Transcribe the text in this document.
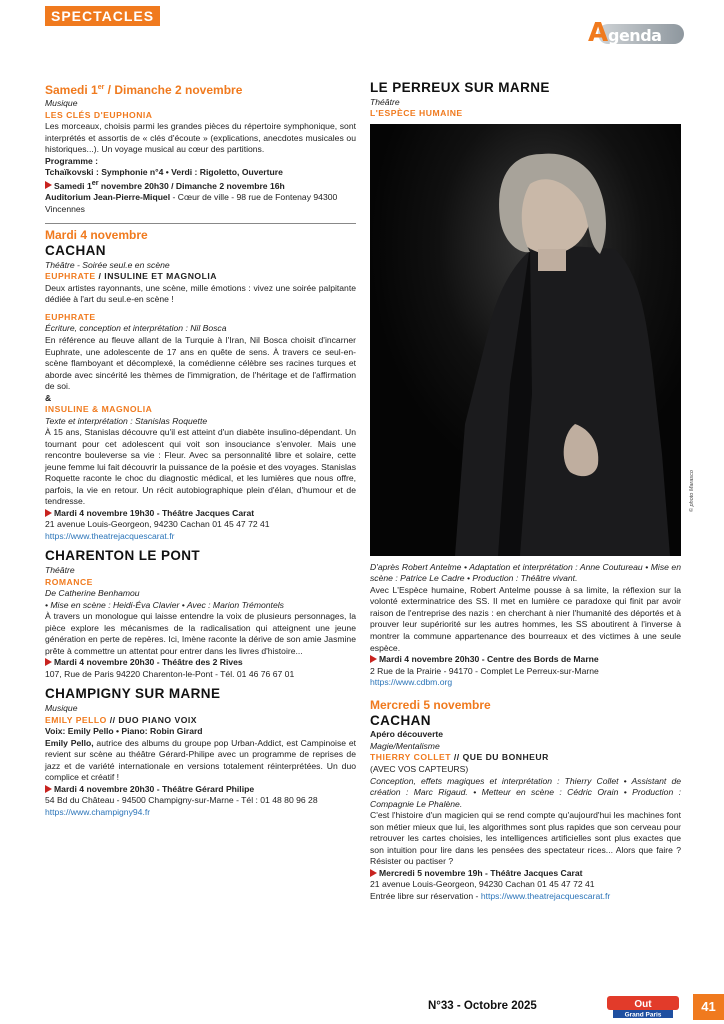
SPECTACLES
A genda
Samedi 1er / Dimanche 2 novembre
Musique
LES CLÉS D'EUPHONIA
Les morceaux, choisis parmi les grandes pièces du répertoire symphonique, sont interprétés et assortis de « clés d'écoute » (explications, anecdotes musicales ou historiques...). Un voyage musical au cœur des partitions.
Programme :
Tchaïkovski : Symphonie n°4 • Verdi : Rigoletto, Ouverture
Samedi 1er novembre 20h30 / Dimanche 2 novembre 16h
Auditorium Jean-Pierre-Miquel - Cœur de ville - 98 rue de Fontenay 94300 Vincennes
Mardi 4 novembre
CACHAN
Théâtre - Soirée seul.e en scène
EUPHRATE / INSULINE ET MAGNOLIA
Deux artistes rayonnants, une scène, mille émotions : vivez une soirée palpitante dédiée à l'art du seul.e-en scène !
EUPHRATE
Écriture, conception et interprétation : Nil Bosca
En référence au fleuve allant de la Turquie à l'Iran, Nil Bosca choisit d'incarner Euphrate, une adolescente de 17 ans en quête de sens. À travers ce seul-en-scène flamboyant et décomplexé, la comédienne célèbre ses racines turques et aborde avec sincérité les thèmes de l'immigration, de l'héritage et de l'affirmation de soi.
&
INSULINE & MAGNOLIA
Texte et interprétation : Stanislas Roquette
À 15 ans, Stanislas découvre qu'il est atteint d'un diabète insulino-dépendant. Un tournant pour cet adolescent qui voit son insouciance s'envoler. Mais une rencontre bouleverse sa vie : Fleur. Avec sa personnalité libre et solaire, cette jeune femme lui fait découvrir la puissance de la poésie et des voyages. Stanislas Roquette raconte le choc du diagnostic médical, et les lumières que nous offre, parfois, la vie en retour. Un récit autobiographique plein d'élan, d'humour et de tendresse.
Mardi 4 novembre 19h30 - Théâtre Jacques Carat
21 avenue Louis-Georgeon, 94230 Cachan 01 45 47 72 41
https://www.theatrejacquescarat.fr
CHARENTON LE PONT
Théâtre
ROMANCE
De Catherine Benhamou
• Mise en scène : Heidi-Éva Clavier • Avec : Marion Trémontels
À travers un monologue qui laisse entendre la voix de plusieurs personnages, la pièce explore les mécanismes de la radicalisation qui atteignent une jeune génération en perte de repères. Ici, Imène raconte la dérive de son amie Jasmine prête à commettre un attentat pour entrer dans les livres d'histoire...
Mardi 4 novembre 20h30 - Théâtre des 2 Rives
107, Rue de Paris 94220 Charenton-le-Pont - Tél. 01 46 76 67 01
CHAMPIGNY SUR MARNE
Musique
EMILY PELLO // DUO PIANO VOIX
Voix: Emily Pello • Piano: Robin Girard
Emily Pello, autrice des albums du groupe pop Urban-Addict, est Campinoise et revient sur scène au théâtre Gérard-Philipe avec un programme de reprises de jazz et de variété internationale en versions totalement réinterprétées. Un duo complice et créatif !
Mardi 4 novembre 20h30 - Théâtre Gérard Philipe
54 Bd du Château - 94500 Champigny-sur-Marne - Tél : 01 48 80 96 28
https://www.champigny94.fr
LE PERREUX SUR MARNE
Théâtre
L'ESPÈCE HUMAINE
D'après Robert Antelme • Adaptation et interprétation : Anne Coutureau • Mise en scène : Patrice Le Cadre • Production : Théâtre vivant.
Avec L'Espèce humaine, Robert Antelme pousse à sa limite, la réflexion sur la volonté exterminatrice des SS. Il met en lumière ce paradoxe qui finit par avoir raison de l'entreprise des nazis : en cherchant à nier l'humanité des déportés et à prouver leur supériorité sur les autres hommes, les SS aboutirent à l'inverse à montrer la commune appartenance des bourreaux et des victimes à une seule espèce.
Mardi 4 novembre 20h30 - Centre des Bords de Marne
2 Rue de la Prairie - 94170 - Complet Le Perreux-sur-Marne
https://www.cdbm.org
Mercredi 5 novembre
CACHAN
Apéro découverte
Magie/Mentalisme
THIERRY COLLET // QUE DU BONHEUR
(AVEC VOS CAPTEURS)
Conception, effets magiques et interprétation : Thierry Collet • Assistant de création : Marc Rigaud. • Metteur en scène : Cédric Orain • Production : Compagnie Le Phalène.
C'est l'histoire d'un magicien qui se rend compte qu'aujourd'hui les machines font son métier mieux que lui, les algorithmes sont plus rapides que son cerveau pour retrouver les cartes choisies, les intelligences artificielles sont plus exactes que son intuition pour lire dans les pensées des spectateur rices... Alors que faire ? Résister ou pactiser ?
Mercredi 5 novembre 19h - Théâtre Jacques Carat
21 avenue Louis-Georgeon, 94230 Cachan 01 45 47 72 41
Entrée libre sur réservation - https://www.theatrejacquescarat.fr
© photo Marasco
N°33 - Octobre 2025	Out
Grand Paris
41
